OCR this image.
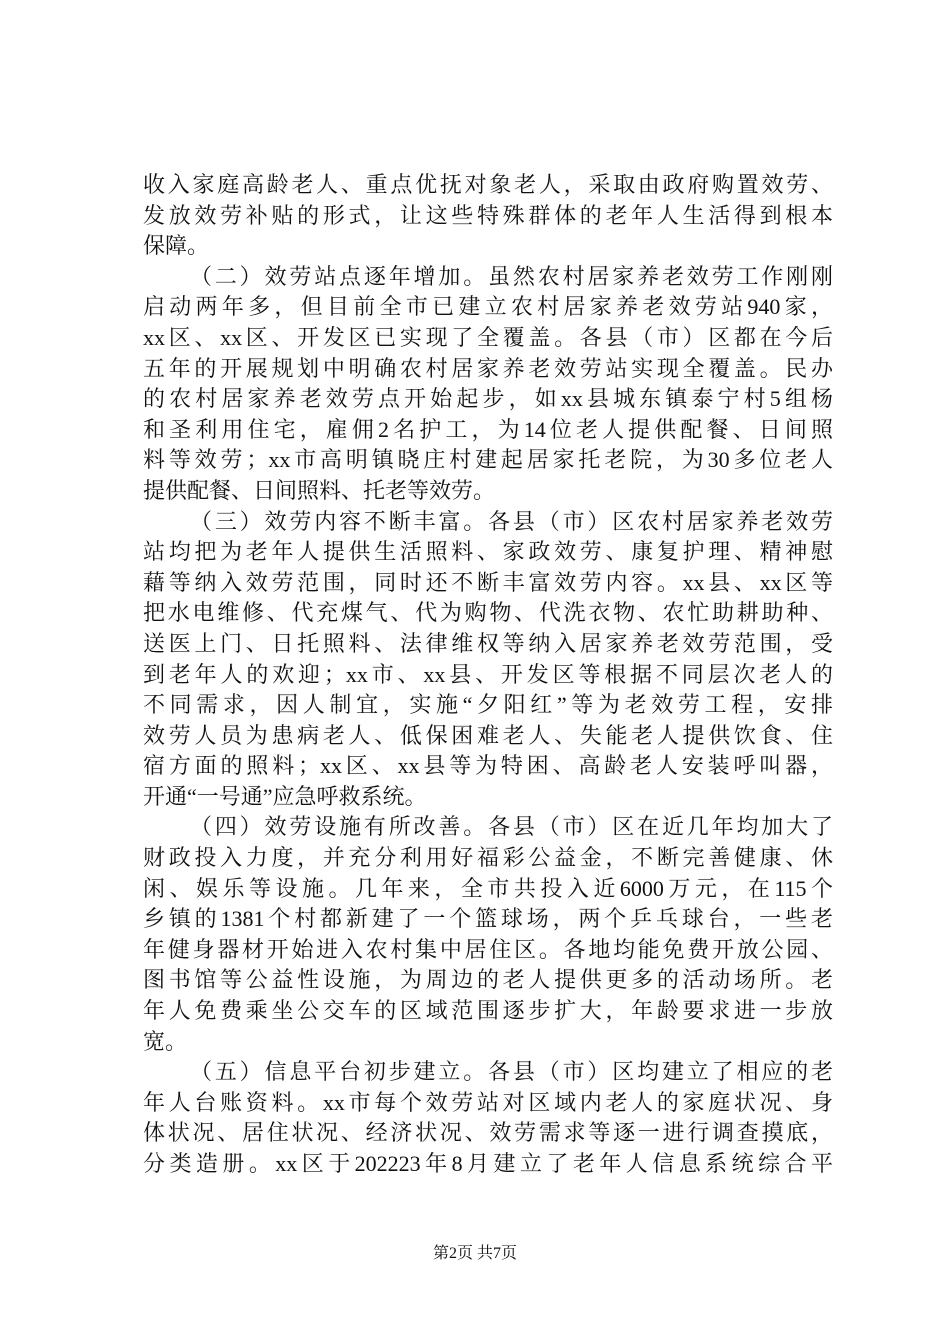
收入家庭高龄老人、重点优抚对象老人，采取由政府购置效劳、
发放效劳补贴的形式，让这些特殊群体的老年人生活得到根本
保障。
（二）效劳站点逐年增加。虽然农村居家养老效劳工作刚刚
启动两年多，但目前全市已建立农村居家养老效劳站940家，
xx区、xx区、开发区已实现了全覆盖。各县（市）区都在今后
五年的开展规划中明确农村居家养老效劳站实现全覆盖。民办
的农村居家养老效劳点开始起步，如xx县城东镇泰宁村5组杨
和圣利用住宅，雇佣2名护工，为14位老人提供配餐、日间照
料等效劳；xx市高明镇晓庄村建起居家托老院，为30多位老人
提供配餐、日间照料、托老等效劳。
（三）效劳内容不断丰富。各县（市）区农村居家养老效劳
站均把为老年人提供生活照料、家政效劳、康复护理、精神慰
藉等纳入效劳范围，同时还不断丰富效劳内容。xx县、xx区等
把水电维修、代充煤气、代为购物、代洗衣物、农忙助耕助种、
送医上门、日托照料、法律维权等纳入居家养老效劳范围，受
到老年人的欢迎；xx市、xx县、开发区等根据不同层次老人的
不同需求，因人制宜，实施“夕阳红”等为老效劳工程，安排
效劳人员为患病老人、低保困难老人、失能老人提供饮食、住
宿方面的照料；xx区、xx县等为特困、高龄老人安装呼叫器，
开通“一号通”应急呼救系统。
（四）效劳设施有所改善。各县（市）区在近几年均加大了
财政投入力度，并充分利用好福彩公益金，不断完善健康、休
闲、娱乐等设施。几年来，全市共投入近6000万元，在115个
乡镇的1381个村都新建了一个篮球场，两个乒乓球台，一些老
年健身器材开始进入农村集中居住区。各地均能免费开放公园、
图书馆等公益性设施，为周边的老人提供更多的活动场所。老
年人免费乘坐公交车的区域范围逐步扩大，年龄要求进一步放
宽。
（五）信息平台初步建立。各县（市）区均建立了相应的老
年人台账资料。xx市每个效劳站对区域内老人的家庭状况、身
体状况、居住状况、经济状况、效劳需求等逐一进行调查摸底，
分类造册。xx区于202223年8月建立了老年人信息系统综合平
第2页 共7页
